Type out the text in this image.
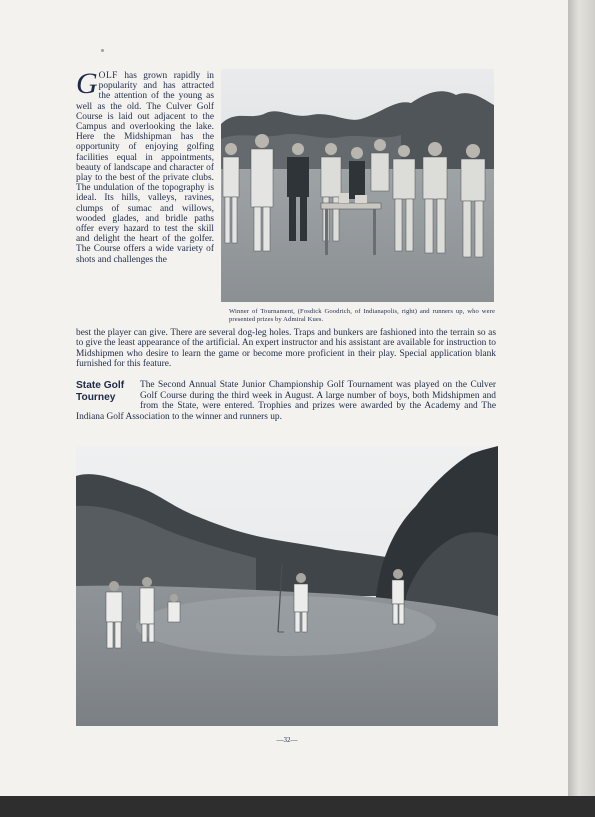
GOLF has grown rapidly in popularity and has attracted the attention of the young as well as the old. The Culver Golf Course is laid out adjacent to the Campus and overlooking the lake. Here the Midshipman has the opportunity of enjoying golfing facilities equal in appointments, beauty of landscape and character of play to the best of the private clubs. The undulation of the topography is ideal. Its hills, valleys, ravines, clumps of sumac and willows, wooded glades, and bridle paths offer every hazard to test the skill and delight the heart of the golfer. The Course offers a wide variety of shots and challenges the

Winner of Tournament, (Fosdick Goodrich, of Indianapolis, right) and runners up, who were presented prizes by Admiral Kues.

best the player can give. There are several dog-leg holes. Traps and bunkers are fashioned into the terrain so as to give the least appearance of the artificial. An expert instructor and his assistant are available for instruction to Midshipmen who desire to learn the game or become more proficient in their play. Special application blank furnished for this feature.

The Second Annual State Junior Championship Golf Tournament was played on the Culver Golf Course during the third week in August. A large number of boys, both Midshipmen and from the State, were entered. Trophies and prizes were awarded by the Academy and The Indiana Golf Association to the winner and runners up.

State Golf Tourney

—32—
